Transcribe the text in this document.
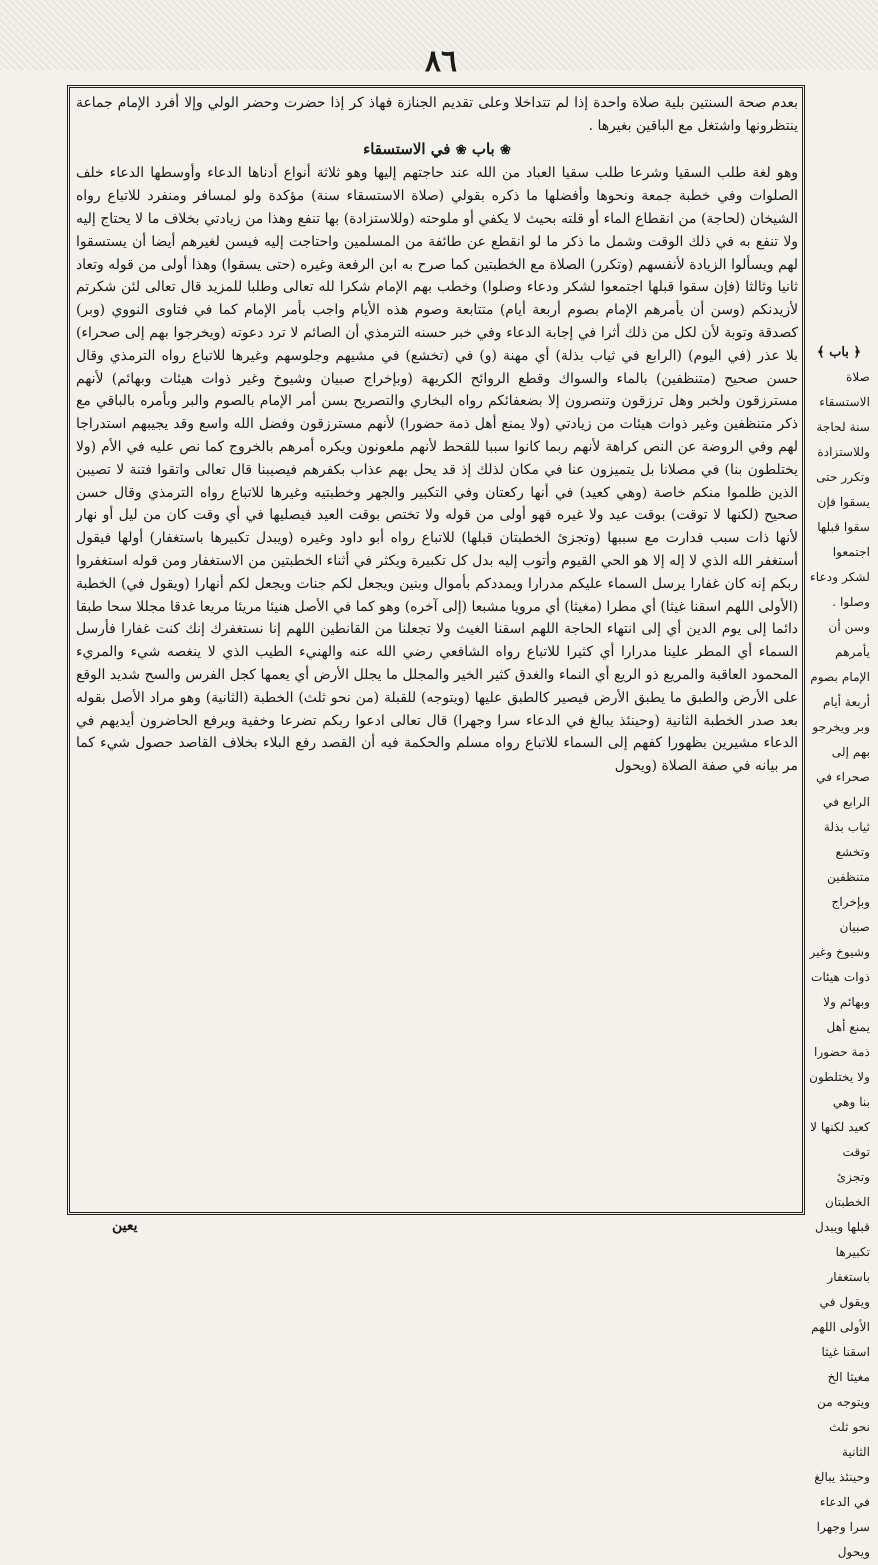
٨٦

بعدم صحة السنتين بلية صلاة واحدة إذا لم تتداخلا وعلى تقديم الجنازة فهاذ كر إذا حضرت وحضر الولي وإلا أفرد الإمام جماعة ينتظرونها واشتغل مع الباقين بغيرها .

❀ باب ❀ في الاستسقاء

وهو لغة طلب السقيا وشرعا طلب سقيا العباد من الله عند حاجتهم إليها وهو ثلاثة أنواع أدناها الدعاء وأوسطها الدعاء خلف الصلوات وفي خطبة جمعة ونحوها وأفضلها ما ذكره بقولي (صلاة الاستسقاء سنة) مؤكدة ولو لمسافر ومنفرد للاتباع رواه الشيخان (لحاجة) من انقطاع الماء أو قلته بحيث لا يكفي أو ملوحته (وللاستزادة) بها تنفع وهذا من زيادتي بخلاف ما لا يحتاج إليه ولا تنفع به في ذلك الوقت وشمل ما ذكر ما لو انقطع عن طائفة من المسلمين واحتاجت إليه فيسن لغيرهم أيضا أن يستسقوا لهم ويسألوا الزيادة لأنفسهم (وتكرر) الصلاة مع الخطبتين كما صرح به ابن الرفعة وغيره (حتى يسقوا) وهذا أولى من قوله وتعاد ثانيا وثالثا (فإن سقوا قبلها اجتمعوا لشكر ودعاء وصلوا) وخطب بهم الإمام شكرا لله تعالى وطلبا للمزيد قال تعالى لئن شكرتم لأزيدنكم (وسن أن يأمرهم الإمام بصوم أربعة أيام) متتابعة وصوم هذه الأيام واجب بأمر الإمام كما في فتاوى النووي (وبر) كصدقة وتوبة لأن لكل من ذلك أثرا في إجابة الدعاء وفي خبر حسنه الترمذي أن الصائم لا ترد دعوته (ويخرجوا بهم إلى صحراء) بلا عذر (في اليوم) (الرابع في ثياب بذلة) أي مهنة (و) في (تخشع) في مشيهم وجلوسهم وغيرها للاتباع رواه الترمذي وقال حسن صحيح (متنظفين) بالماء والسواك وقطع الروائح الكريهة (وبإخراج صبيان وشيوخ وغير ذوات هيئات وبهائم) لأنهم مسترزقون ولخبر وهل ترزقون وتنصرون إلا بضعفائكم رواه البخاري والتصريح بسن أمر الإمام بالصوم والبر وبأمره بالباقي مع ذكر متنظفين وغير ذوات هيئات من زيادتي (ولا يمنع أهل ذمة حضورا) لأنهم مسترزقون وفضل الله واسع وقد يجيبهم استدراجا لهم وفي الروضة عن النص كراهة لأنهم ربما كانوا سببا للقحط لأنهم ملعونون ويكره أمرهم بالخروج كما نص عليه في الأم (ولا يختلطون بنا) في مصلانا بل يتميزون عنا في مكان لذلك إذ قد يحل بهم عذاب بكفرهم فيصيبنا قال تعالى واتقوا فتنة لا تصيبن الذين ظلموا منكم خاصة (وهي كعيد) في أنها ركعتان وفي التكبير والجهر وخطبتيه وغيرها للاتباع رواه الترمذي وقال حسن صحيح (لكنها لا توقت) بوقت عيد ولا غيره فهو أولى من قوله ولا تختص بوقت العيد فيصليها في أي وقت كان من ليل أو نهار لأنها ذات سبب فدارت مع سببها (وتجزئ الخطبتان قبلها) للاتباع رواه أبو داود وغيره (ويبدل تكبيرها باستغفار) أولها فيقول أستغفر الله الذي لا إله إلا هو الحي القيوم وأتوب إليه بدل كل تكبيرة ويكثر في أثناء الخطبتين من الاستغفار ومن قوله استغفروا ربكم إنه كان غفارا يرسل السماء عليكم مدرارا ويمددكم بأموال وبنين ويجعل لكم جنات ويجعل لكم أنهارا (ويقول في) الخطبة (الأولى اللهم اسقنا غيثا) أي مطرا (مغيثا) أي مرويا مشبعا (إلى آخره) وهو كما في الأصل هنيئا مريئا مريعا غدقا مجللا سحا طبقا دائما إلى يوم الدين أي إلى انتهاء الحاجة اللهم اسقنا الغيث ولا تجعلنا من القانطين اللهم إنا نستغفرك إنك كنت غفارا فأرسل السماء أي المطر علينا مدرارا أي كثيرا للاتباع رواه الشافعي رضي الله عنه والهنيء الطيب الذي لا ينغصه شيء والمريء المحمود العاقبة والمريع ذو الريع أي النماء والغدق كثير الخير والمجلل ما يجلل الأرض أي يعمها كجل الفرس والسح شديد الوقع على الأرض والطبق ما يطبق الأرض فيصير كالطبق عليها (ويتوجه) للقبلة (من نحو ثلث) الخطبة (الثانية) وهو مراد الأصل بقوله بعد صدر الخطبة الثانية (وحينئذ يبالغ في الدعاء سرا وجهرا) قال تعالى ادعوا ربكم تضرعا وخفية ويرفع الحاضرون أيديهم في الدعاء مشيرين بظهورا كفهم إلى السماء للاتباع رواه مسلم والحكمة فيه أن القصد رفع البلاء بخلاف القاصد حصول شيء كما مر بيانه في صفة الصلاة (ويحول

﴿ باب ﴾
صلاة الاستسقاء سنة لحاجة وللاستزادة وتكرر حتى يسقوا فإن سقوا قبلها اجتمعوا لشكر ودعاء وصلوا . وسن أن يأمرهم الإمام بصوم أربعة أيام وبر ويخرجو بهم إلى صحراء في الرابع في ثياب بذلة وتخشع متنظفين وبإخراج صبيان وشيوخ وغير ذوات هيئات وبهائم ولا يمنع أهل ذمة حضورا ولا يختلطون بنا وهي كعيد لكنها لا توقت وتجزئ الخطبتان قبلها ويبدل تكبيرها باستغفار ويقول في الأولى اللهم اسقنا غيثا مغيثا الخ ويتوجه من نحو ثلث الثانية وحينئذ يبالغ في الدعاء سرا وجهرا ويحول
يعين
